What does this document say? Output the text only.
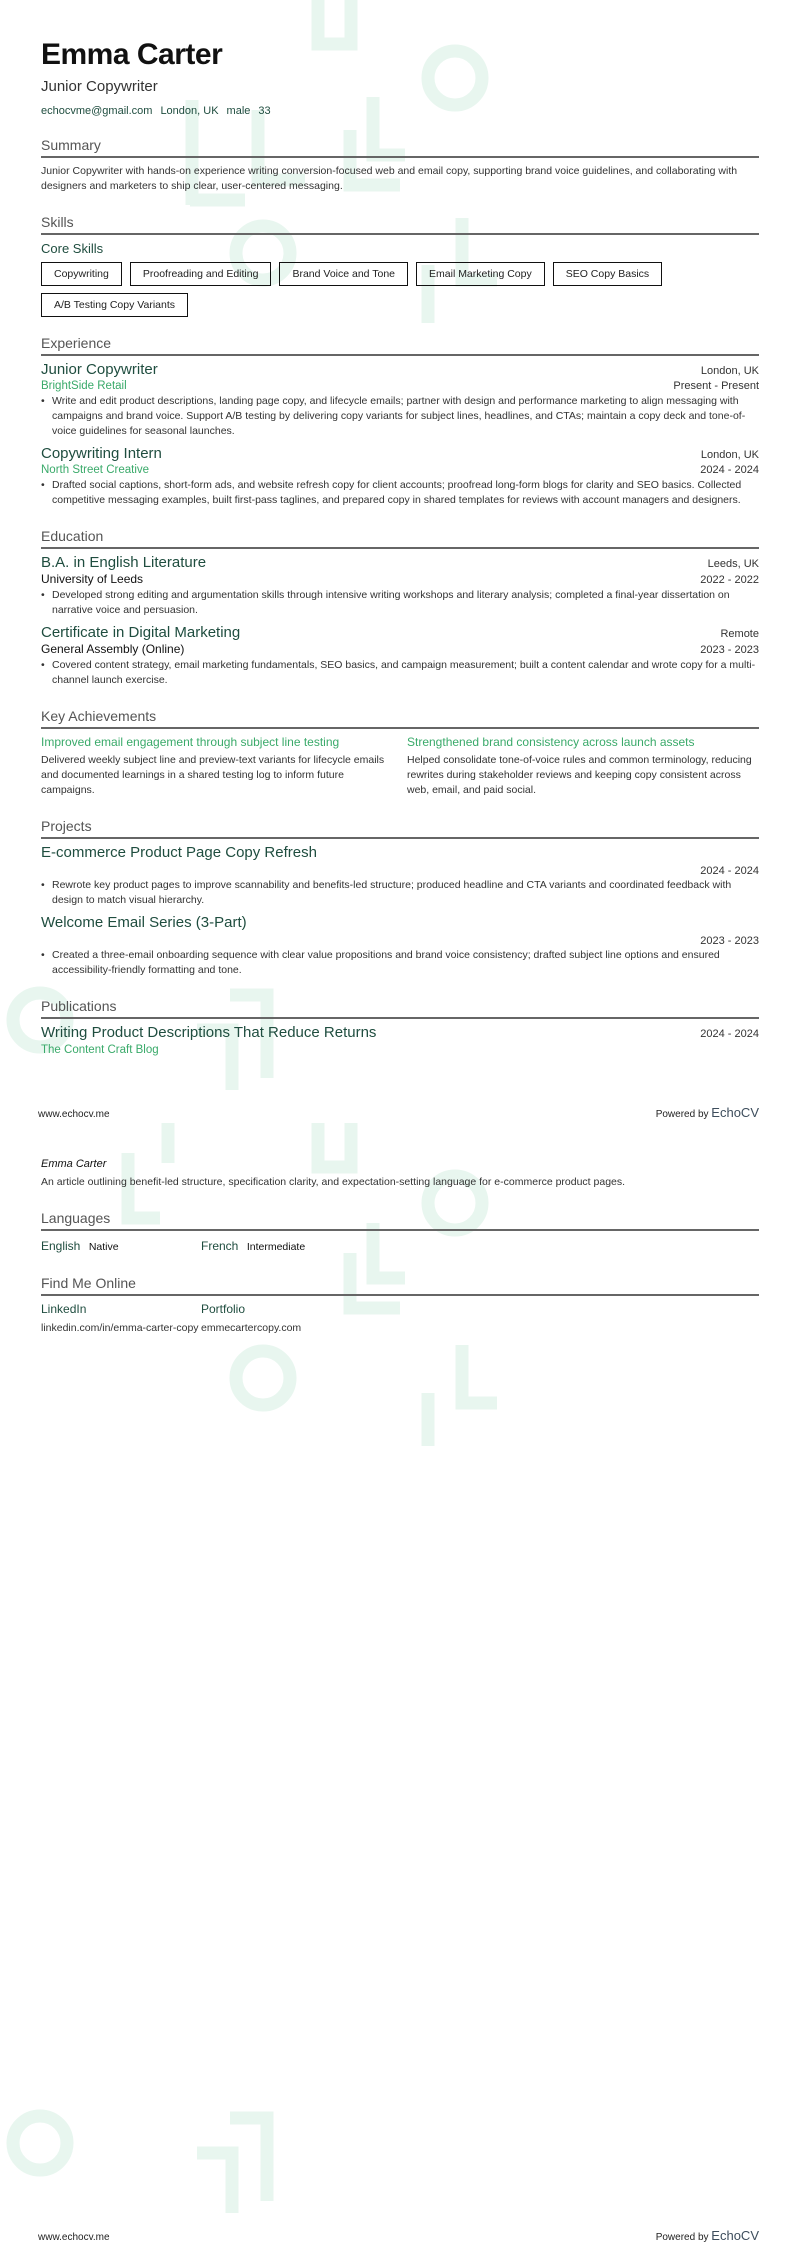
Emma Carter
Junior Copywriter
echocvme@gmail.com London, UK male 33
Summary
Junior Copywriter with hands-on experience writing conversion-focused web and email copy, supporting brand voice guidelines, and collaborating with designers and marketers to ship clear, user-centered messaging.
Skills
Core Skills
Copywriting	Proofreading and Editing	Brand Voice and Tone	Email Marketing Copy	SEO Copy Basics
A/B Testing Copy Variants
Experience
Junior Copywriter	London, UK
BrightSide Retail	Present - Present
• Write and edit product descriptions, landing page copy, and lifecycle emails; partner with design and performance marketing to align messaging with campaigns and brand voice. Support A/B testing by delivering copy variants for subject lines, headlines, and CTAs; maintain a copy deck and tone-of-voice guidelines for seasonal launches.
Copywriting Intern	London, UK
North Street Creative	2024 - 2024
• Drafted social captions, short-form ads, and website refresh copy for client accounts; proofread long-form blogs for clarity and SEO basics. Collected competitive messaging examples, built first-pass taglines, and prepared copy in shared templates for reviews with account managers and designers.
Education
B.A. in English Literature	Leeds, UK
University of Leeds	2022 - 2022
• Developed strong editing and argumentation skills through intensive writing workshops and literary analysis; completed a final-year dissertation on narrative voice and persuasion.
Certificate in Digital Marketing	Remote
General Assembly (Online)	2023 - 2023
• Covered content strategy, email marketing fundamentals, SEO basics, and campaign measurement; built a content calendar and wrote copy for a multi-channel launch exercise.
Key Achievements
Improved email engagement through subject line testing
Delivered weekly subject line and preview-text variants for lifecycle emails and documented learnings in a shared testing log to inform future campaigns.
Strengthened brand consistency across launch assets
Helped consolidate tone-of-voice rules and common terminology, reducing rewrites during stakeholder reviews and keeping copy consistent across web, email, and paid social.
Projects
E-commerce Product Page Copy Refresh
2024 - 2024
• Rewrote key product pages to improve scannability and benefits-led structure; produced headline and CTA variants and coordinated feedback with design to match visual hierarchy.
Welcome Email Series (3-Part)
2023 - 2023
• Created a three-email onboarding sequence with clear value propositions and brand voice consistency; drafted subject line options and ensured accessibility-friendly formatting and tone.
Publications
Writing Product Descriptions That Reduce Returns	2024 - 2024
The Content Craft Blog
www.echocv.me	Powered by EchoCV
Emma Carter
An article outlining benefit-led structure, specification clarity, and expectation-setting language for e-commerce product pages.
Languages
English Native	French Intermediate
Find Me Online
LinkedIn
linkedin.com/in/emma-carter-copy
Portfolio
emmecartercopy.com
www.echocv.me	Powered by EchoCV
